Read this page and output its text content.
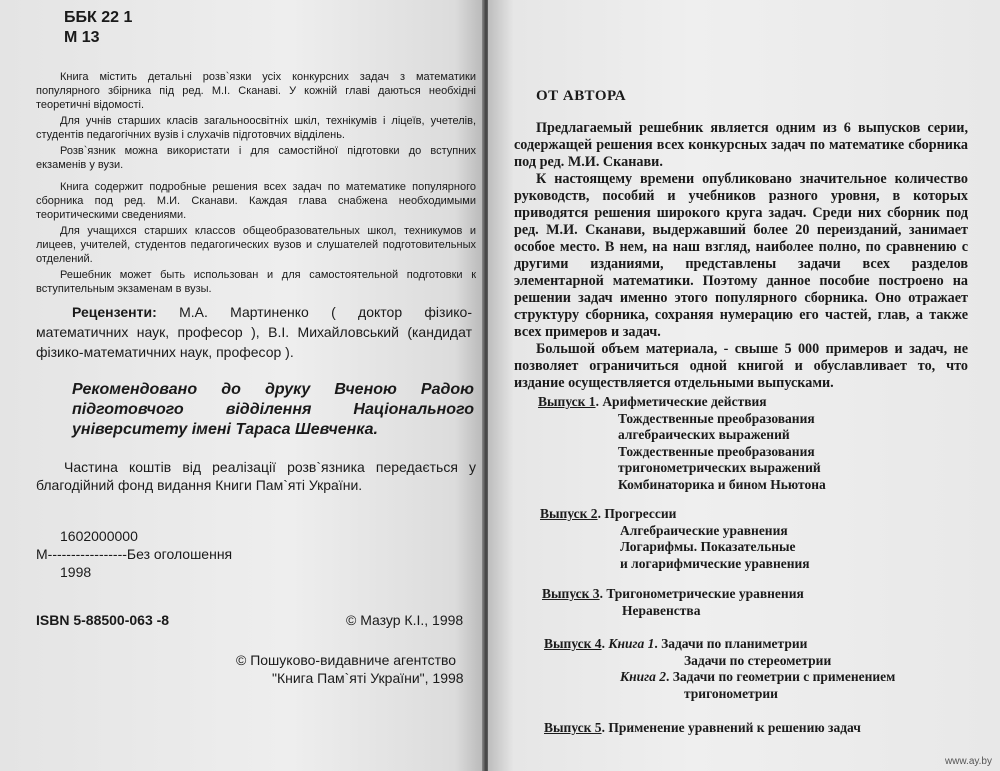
ББК 22 1
М 13

Книга містить детальні розв`язки усіх конкурсних задач з математики популярного збірника під ред. М.І. Сканаві. У кожній главі даються необхідні теоретичні відомості.

Для учнів старших класів загальноосвітніх шкіл, технікумів і ліцеїв, учетелів, студентів педагогічних вузів і слухачів підготовчих відділень.

Розв`язник можна використати і для самостійної підготовки до вступних екзаменів у вузи.

Книга содержит подробные решения всех задач по математике популярного сборника под ред. М.И. Сканави. Каждая глава снабжена необходимыми теоритическими сведениями.

Для учащихся старших классов общеобразовательных школ, техникумов и лицеев, учителей, студентов педагогических вузов и слушателей подготовительных отделений.

Решебник может быть использован и для самостоятельной подготовки к вступительным экзаменам в вузы.

Рецензенти: М.А. Мартиненко ( доктор фізико-математичних наук, професор ), В.І. Михайловський (кандидат фізико-математичних наук, професор ).
Рекомендовано до друку Вченою Радою підготовчого відділення Національного університету імені Тараса Шевченка.
Частина коштів від реалізації розв`язника передається у благодійний фонд видання Книги Пам`яті України.
1602000000
М-----------------Без оголошення
1998
ISBN 5-88500-063 -8	© Мазур К.І., 1998
© Пошуково-видавниче агентство
"Книга Пам`яті України", 1998
ОТ АВТОРА

Предлагаемый решебник является одним из 6 выпусков серии, содержащей решения всех конкурсных задач по математике сборника под ред. М.И. Сканави.

К настоящему времени опубликовано значительное количество руководств, пособий и учебников разного уровня, в которых приводятся решения широкого круга задач. Среди них сборник под ред. М.И. Сканави, выдержавший более 20 переизданий, занимает особое место. В нем, на наш взгляд, наиболее полно, по сравнению с другими изданиями, представлены задачи всех разделов элементарной математики. Поэтому данное пособие построено на решении задач именно этого популярного сборника. Оно отражает структуру сборника, сохраняя нумерацию его частей, глав, а также всех примеров и задач.

Большой объем материала, - свыше 5 000 примеров и задач, не позволяет ограничиться одной книгой и обуславливает то, что издание осуществляется отдельными выпусками.

Выпуск 1. Арифметические действия
Тождественные преобразования
алгебраических выражений
Тождественные преобразования
тригонометрических выражений
Комбинаторика и бином Ньютона
Выпуск 2. Прогрессии
Алгебраические уравнения
Логарифмы. Показательные
и логарифмические уравнения
Выпуск 3. Тригонометрические уравнения
Неравенства
Выпуск 4. Книга 1. Задачи по планиметрии
Задачи по стереометрии
Книга 2. Задачи по геометрии с применением
тригонометрии
Выпуск 5. Применение уравнений к решению задач
www.ay.by
